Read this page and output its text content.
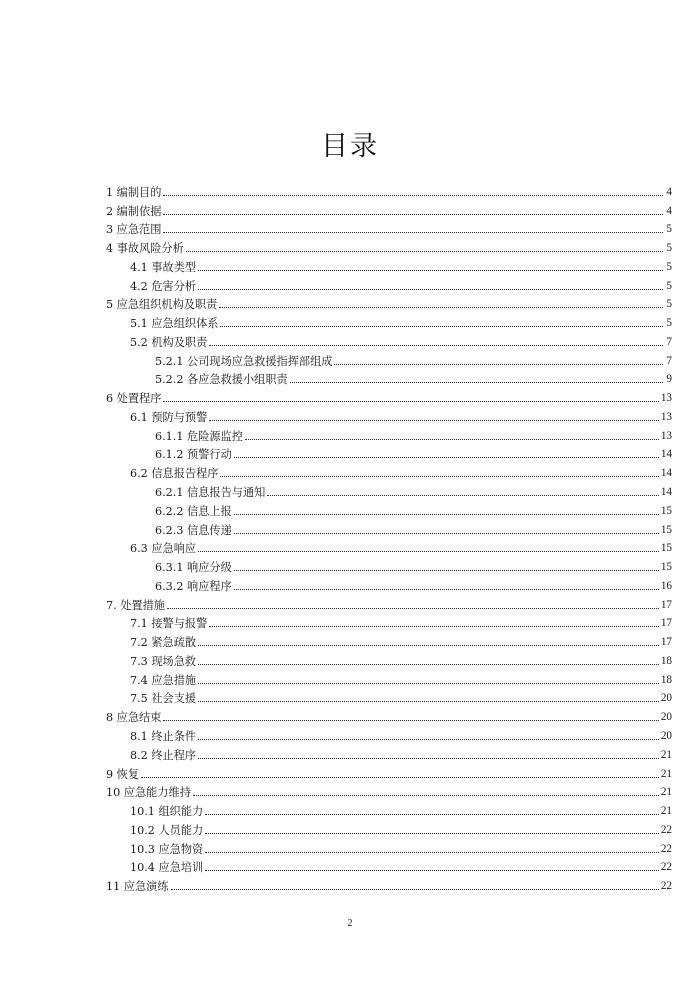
目录
1 编制目的	4
2 编制依据	4
3 应急范围	5
4 事故风险分析	5
4.1 事故类型	5
4.2 危害分析	5
5 应急组织机构及职责	5
5.1 应急组织体系	5
5.2 机构及职责	7
5.2.1 公司现场应急救援指挥部组成	7
5.2.2 各应急救援小组职责	9
6 处置程序	13
6.1 预防与预警	13
6.1.1 危险源监控	13
6.1.2 预警行动	14
6.2 信息报告程序	14
6.2.1 信息报告与通知	14
6.2.2 信息上报	15
6.2.3 信息传递	15
6.3 应急响应	15
6.3.1 响应分级	15
6.3.2 响应程序	16
7. 处置措施	17
7.1 接警与报警	17
7.2 紧急疏散	17
7.3 现场急救	18
7.4 应急措施	18
7.5 社会支援	20
8 应急结束	20
8.1 终止条件	20
8.2 终止程序	21
9 恢复	21
10 应急能力维持	21
10.1 组织能力	21
10.2 人员能力	22
10.3 应急物资	22
10.4 应急培训	22
11 应急演练	22
2
